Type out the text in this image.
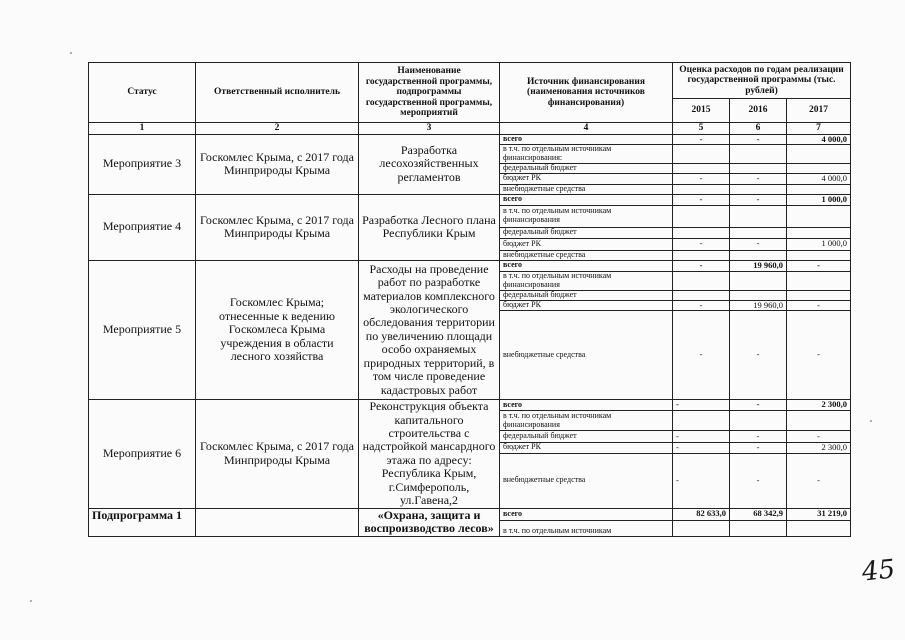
Статус	Ответственный исполнитель	Наименование государственной программы, подпрограммы государственной программы, мероприятий	Источник финансирования (наименования источников финансирования)	Оценка расходов по годам реализации государственной программы (тыс. рублей)		
				2015	2016	2017
1	2	3	4	5	6	7
Мероприятие 3	Госкомлес Крыма, с 2017 года Минприроды Крыма	Разработка лесохозяйственных регламентов	всего	-	-	4 000,0
			в т.ч. по отдельным источникам финансирования:			
			федеральный бюджет			
			бюджет РК	-	-	4 000,0
			внебюджетные средства			
Мероприятие 4	Госкомлес Крыма, с 2017 года Минприроды Крыма	Разработка Лесного плана Республики Крым	всего	-	-	1 000,0
			в т.ч. по отдельным источникам финансирования			
			федеральный бюджет			
			бюджет РК	-	-	1 000,0
			внебюджетные средства			
Мероприятие 5	Госкомлес Крыма; отнесенные к ведению Госкомлеса Крыма учреждения в области лесного хозяйства	Расходы на проведение работ по разработке материалов комплексного экологического обследования территории по увеличению площади особо охраняемых природных территорий, в том числе проведение кадастровых работ	всего	-	19 960,0	-
			в т.ч. по отдельным источникам финансирования			
			федеральный бюджет			
			бюджет РК	-	19 960,0	-
			внебюджетные средства	-	-	-
Мероприятие 6	Госкомлес Крыма, с 2017 года Минприроды Крыма	Реконструкция объекта капитального строительства с надстройкой мансардного этажа по адресу: Республика Крым, г.Симферополь, ул.Гавена,2	всего	-	-	2 300,0
			в т.ч. по отдельным источникам финансирования			
			федеральный бюджет	-	-	-
			бюджет РК	-	-	2 300,0
			внебюджетные средства	-	-	-
Подпрограмма 1		«Охрана, защита и воспроизводство лесов»	всего	82 633,0	68 342,9	31 219,0
			в т.ч. по отдельным источникам			
45
